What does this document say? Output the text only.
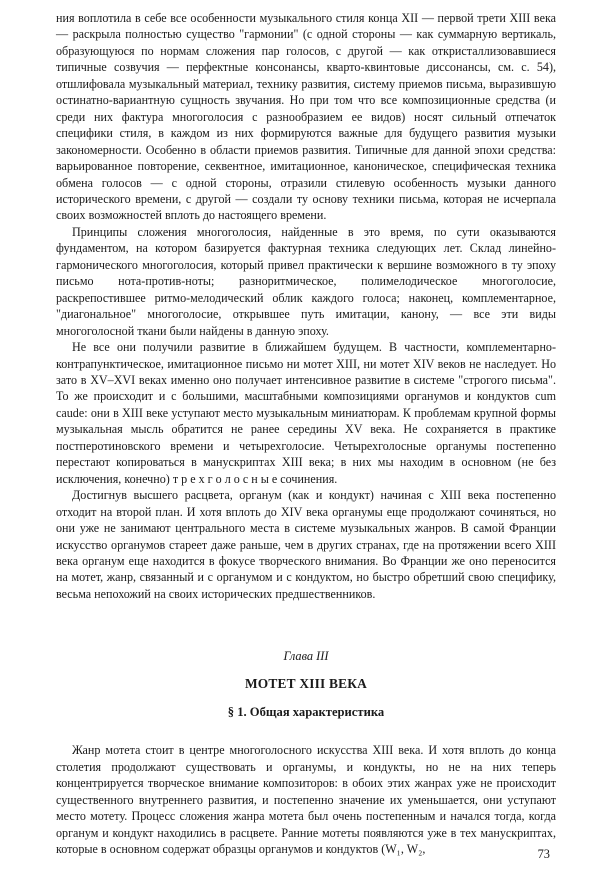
ния воплотила в себе все особенности музыкального стиля конца XII — первой трети XIII века — раскрыла полностью существо "гармонии" (с одной стороны — как суммарную вертикаль, образующуюся по нормам сложения пар голосов, с другой — как откристаллизовавшиеся типичные созвучия — перфектные консонансы, кварто-квинтовые диссонансы, см. с. 54), отшлифовала музыкальный материал, технику развития, систему приемов письма, выразившую остинатно-вариантную сущность звучания. Но при том что все композиционные средства (и среди них фактура многоголосия с разнообразием ее видов) носят сильный отпечаток специфики стиля, в каждом из них формируются важные для будущего развития музыки закономерности. Особенно в области приемов развития. Типичные для данной эпохи средства: варьированное повторение, секвентное, имитационное, каноническое, специфическая техника обмена голосов — с одной стороны, отразили стилевую особенность музыки данного исторического времени, с другой — создали ту основу техники письма, которая не исчерпала своих возможностей вплоть до настоящего времени.

Принципы сложения многоголосия, найденные в это время, по сути оказываются фундаментом, на котором базируется фактурная техника следующих лет. Склад линейно-гармонического многоголосия, который привел практически к вершине возможного в ту эпоху письмо нота-против-ноты; разноритмическое, полимелодическое многоголосие, раскрепостившее ритмо-мелодический облик каждого голоса; наконец, комплементарное, "диагональное" многоголосие, открывшее путь имитации, канону, — все эти виды многоголосной ткани были найдены в данную эпоху.

Не все они получили развитие в ближайшем будущем. В частности, комплементарно-контрапунктическое, имитационное письмо ни мотет XIII, ни мотет XIV веков не наследует. Но зато в XV–XVI веках именно оно получает интенсивное развитие в системе "строгого письма". То же происходит и с большими, масштабными композициями органумов и кондуктов cum caude: они в XIII веке уступают место музыкальным миниатюрам. К проблемам крупной формы музыкальная мысль обратится не ранее середины XV века. Не сохраняется в практике постперотиновского времени и четырехголосие. Четырехголосные органумы постепенно перестают копироваться в манускриптах XIII века; в них мы находим в основном (не без исключения, конечно) т р е х г о л о с н ы е сочинения.

Достигнув высшего расцвета, органум (как и кондукт) начиная с XIII века постепенно отходит на второй план. И хотя вплоть до XIV века органумы еще продолжают сочиняться, но они уже не занимают центрального места в системе музыкальных жанров. В самой Франции искусство органумов стареет даже раньше, чем в других странах, где на протяжении всего XIII века органум еще находится в фокусе творческого внимания. Во Франции же оно переносится на мотет, жанр, связанный и с органумом и с кондуктом, но быстро обретший свою специфику, весьма непохожий на своих исторических предшественников.

Глава III
МОТЕТ XIII ВЕКА
§ 1. Общая характеристика

Жанр мотета стоит в центре многоголосного искусства XIII века. И хотя вплоть до конца столетия продолжают существовать и органумы, и кондукты, но не на них теперь концентрируется творческое внимание композиторов: в обоих этих жанрах уже не происходит существенного внутреннего развития, и постепенно значение их уменьшается, они уступают место мотету. Процесс сложения жанра мотета был очень постепенным и начался тогда, когда органум и кондукт находились в расцвете. Ранние мотеты появляются уже в тех манускриптах, которые в основном содержат образцы органумов и кондуктов (W₁, W₂,	73
